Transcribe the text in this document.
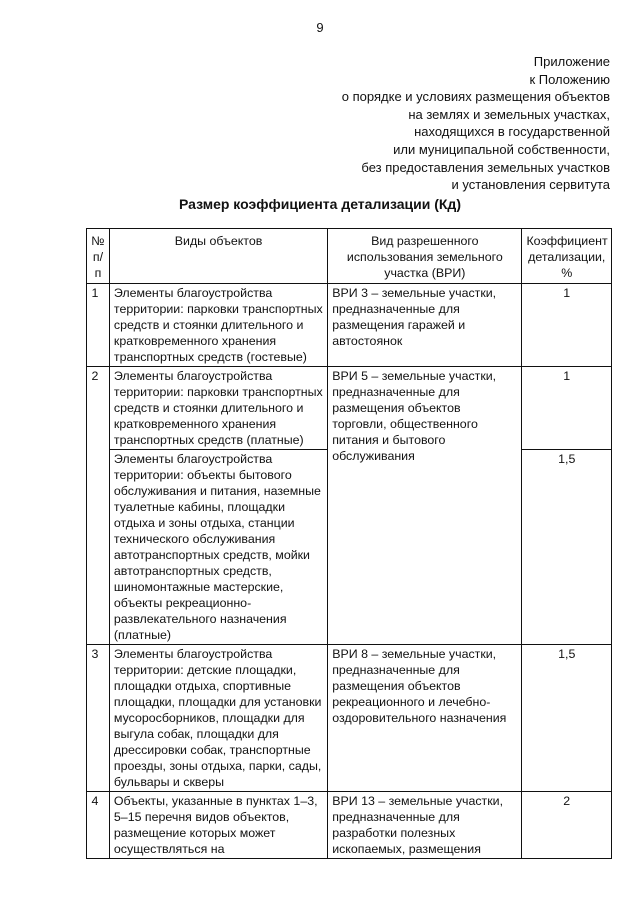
9
Приложение
к Положению
о порядке и условиях размещения объектов
на землях и земельных участках,
находящихся в государственной
или муниципальной собственности,
без предоставления земельных участков
и установления сервитута
Размер коэффициента детализации (Кд)
№ п/п	Виды объектов	Вид разрешенного использования земельного участка (ВРИ)	Коэффициент детализации, %
1	Элементы благоустройства территории: парковки транспортных средств и стоянки длительного и кратковременного хранения транспортных средств (гостевые)	ВРИ 3 – земельные участки, предназначенные для размещения гаражей и автостоянок	1
2	Элементы благоустройства территории: парковки транспортных средств и стоянки длительного и кратковременного хранения транспортных средств (платные)	ВРИ 5 – земельные участки, предназначенные для размещения объектов торговли, общественного питания и бытового обслуживания	1
	Элементы благоустройства территории: объекты бытового обслуживания и питания, наземные туалетные кабины, площадки отдыха и зоны отдыха, станции технического обслуживания автотранспортных средств, мойки автотранспортных средств, шиномонтажные мастерские, объекты рекреационно-развлекательного назначения (платные)		1,5
3	Элементы благоустройства территории: детские площадки, площадки отдыха, спортивные площадки, площадки для установки мусоросборников, площадки для выгула собак, площадки для дрессировки собак, транспортные проезды, зоны отдыха, парки, сады, бульвары и скверы	ВРИ 8 – земельные участки, предназначенные для размещения объектов рекреационного и лечебно-оздоровительного назначения	1,5
4	Объекты, указанные в пунктах 1–3, 5–15 перечня видов объектов, размещение которых может осуществляться на	ВРИ 13 – земельные участки, предназначенные для разработки полезных ископаемых, размещения	2
